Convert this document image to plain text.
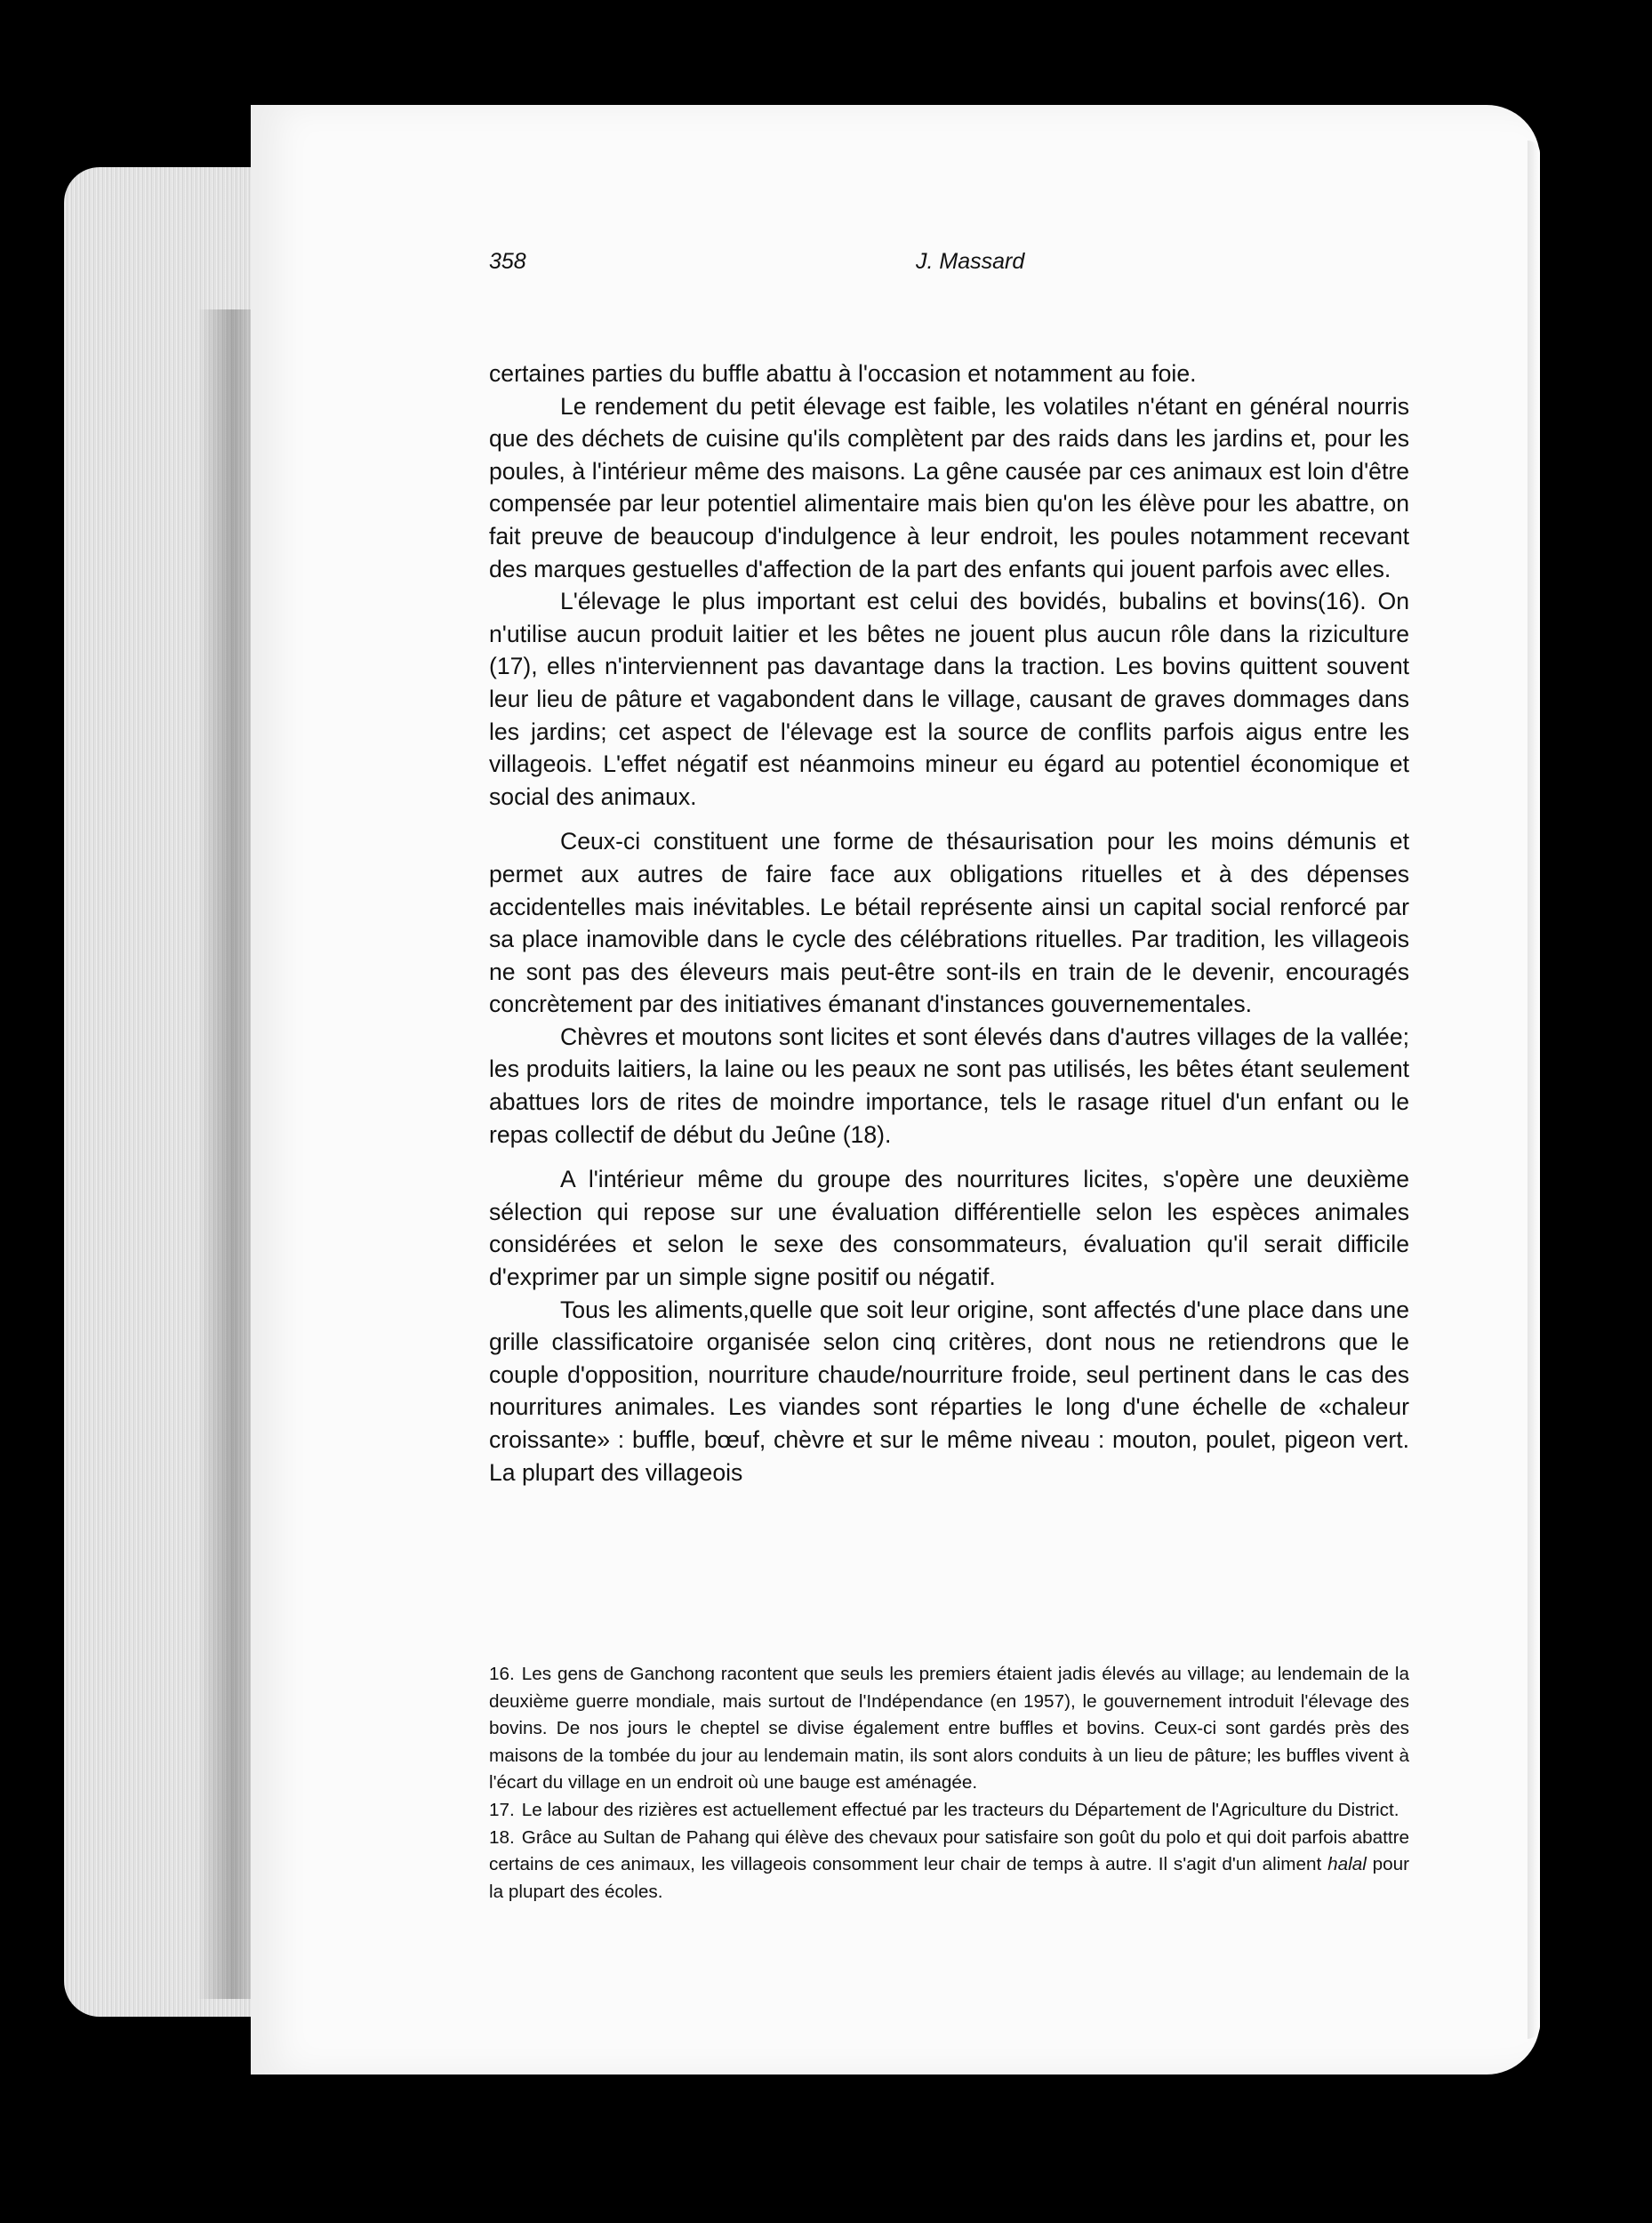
358	J. Massard

certaines parties du buffle abattu à l'occasion et notamment au foie.

Le rendement du petit élevage est faible, les volatiles n'étant en général nourris que des déchets de cuisine qu'ils complètent par des raids dans les jardins et, pour les poules, à l'intérieur même des maisons. La gêne causée par ces animaux est loin d'être compensée par leur potentiel alimentaire mais bien qu'on les élève pour les abattre, on fait preuve de beaucoup d'indulgence à leur endroit, les poules notamment recevant des marques gestuelles d'affection de la part des enfants qui jouent parfois avec elles.

L'élevage le plus important est celui des bovidés, bubalins et bovins(16). On n'utilise aucun produit laitier et les bêtes ne jouent plus aucun rôle dans la riziculture (17), elles n'interviennent pas davantage dans la traction. Les bovins quittent souvent leur lieu de pâture et vagabondent dans le village, causant de graves dommages dans les jardins; cet aspect de l'élevage est la source de conflits parfois aigus entre les villageois. L'effet négatif est néanmoins mineur eu égard au potentiel économique et social des animaux.

Ceux-ci constituent une forme de thésaurisation pour les moins démunis et permet aux autres de faire face aux obligations rituelles et à des dépenses accidentelles mais inévitables. Le bétail représente ainsi un capital social renforcé par sa place inamovible dans le cycle des célébrations rituelles. Par tradition, les villageois ne sont pas des éleveurs mais peut-être sont-ils en train de le devenir, encouragés concrètement par des initiatives émanant d'instances gouvernementales.

Chèvres et moutons sont licites et sont élevés dans d'autres villages de la vallée; les produits laitiers, la laine ou les peaux ne sont pas utilisés, les bêtes étant seulement abattues lors de rites de moindre importance, tels le rasage rituel d'un enfant ou le repas collectif de début du Jeûne (18).

A l'intérieur même du groupe des nourritures licites, s'opère une deuxième sélection qui repose sur une évaluation différentielle selon les espèces animales considérées et selon le sexe des consommateurs, évaluation qu'il serait difficile d'exprimer par un simple signe positif ou négatif.

Tous les aliments,quelle que soit leur origine, sont affectés d'une place dans une grille classificatoire organisée selon cinq critères, dont nous ne retiendrons que le couple d'opposition, nourriture chaude/nourriture froide, seul pertinent dans le cas des nourritures animales. Les viandes sont réparties le long d'une échelle de «chaleur croissante» : buffle, bœuf, chèvre et sur le même niveau : mouton, poulet, pigeon vert. La plupart des villageois

16. Les gens de Ganchong racontent que seuls les premiers étaient jadis élevés au village; au lendemain de la deuxième guerre mondiale, mais surtout de l'Indépendance (en 1957), le gouvernement introduit l'élevage des bovins. De nos jours le cheptel se divise également entre buffles et bovins. Ceux-ci sont gardés près des maisons de la tombée du jour au lendemain matin, ils sont alors conduits à un lieu de pâture; les buffles vivent à l'écart du village en un endroit où une bauge est aménagée.

17. Le labour des rizières est actuellement effectué par les tracteurs du Département de l'Agriculture du District.

18. Grâce au Sultan de Pahang qui élève des chevaux pour satisfaire son goût du polo et qui doit parfois abattre certains de ces animaux, les villageois consomment leur chair de temps à autre. Il s'agit d'un aliment halal pour la plupart des écoles.
